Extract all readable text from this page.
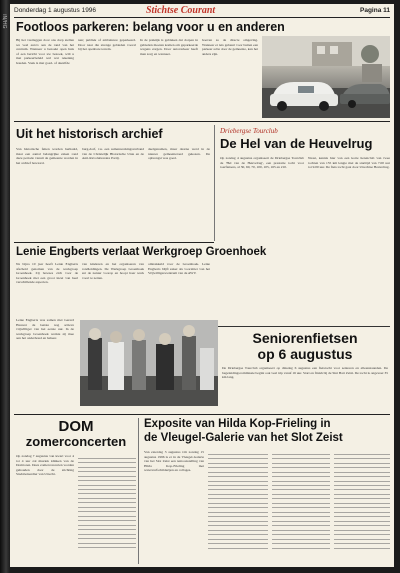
iN/HG
Donderdag 1 augustus 1996	Stichtse Courant	Pagina 11
Footloos parkeren: belang voor u en anderen
Bij het vastleggen door ons dorp stellen we veel auto's aan de rand van het centrum. Wanneer u bezoekt open huis of een bericht voor uw bezoek, wilt u met parkeerbeleid wel wat rekening houden. Vaak is met goed- of dezelfde
nen; publiek of ambulance geparkeerd. Door naar die strenge gebieden vooral bij het openbare terrein.
In de praktijk is gebleken dat dorpen in gebieden moeten komen om geparkeerde wagens zorgen. Door autoverkeer heeft men zorg en wanneer.
hoeven zo de directe omgeving. Wanneer er iets gebeurt voor buiten een parkeer actie door de gemeente, kan het anders zijn.
Uit het historisch archief
Van historische feiten worden herhaald, maar een aantal belangrijke zaken rond deze periode vanuit de gemeente worden in het archief bewaard.
burg-dorf, t.w. een samenwerkingsverband van de Christelijk Historische Unie en de Anti-Revolutionaire Partij.
deelgenomen, maar daarna werd in de nieuwe gemeenteraad gekozen. De opbrengst was goed.
Driebergse Tourclub
De Hel van de Heuvelrug
Op zondag 4 augustus organiseert de Driebergse Tourclub de 'Hel van de Heuvelrug', een prestatie tocht voor toerfietsers, al 30, 60, 70, 100, 105, 165 en 210.
Naast, kennis hier van een korte herenclub van twee tochten van 155 km lengte met de starttijd van 7.00 uur tot 9.00 uur. De fiets tocht gaat door Utrechtse Heuvelrug.
Lenie Engberts verlaat Werkgroep Groenhoek
Na bijna 10 jaar heeft Lenie Engberts afscheid genomen van de werkgroep Groenhoek. Zij bewees zich voor de Groenhoek met een groot inzet van heel verschillende aspecten.
van kinderen en het organiseren van rondleidingen. De Werkgroep Groenhoek zet de natuur voorop en hoopt haar werk voort te zetten.
omtrekkeld voor de Groenhoek. Lenie Engberts blijft zeker als voorzitter van het Vrijwilligerscentrum van de AWV.
Lenie Engberts was samen met Gerard Hauwer de laatste nog actieve vrijwilliger van het eerste uur. In de werkgroep Groenhoek werkte zij mee aan het onderhoud en beheer.	Seniorenfietsen
op 6 augustus
De Driebergse Tourclub organiseert op dinsdag 6 augustus een fietstocht voor senioren en alleenstaanden. De begeleidingscommissie begint ook veel trip vanaf 16 uur. Start en finish bij de Sint Bart Zelzi. De tocht is ongeveer 35 km lang.
DOM
zomerconcerten
Op zondag 7 augustus van kwart voor 4 tot 4 uur zal muziek klinken van de Domtoren. Deze zomerconcerten worden gehouden door de stichting Stadsbeiaardier van Utrecht.
Exposite van Hilda Kop-Frieling in
de Vleugel-Galerie van het Slot Zeist
Van zaterdag 3 augustus t/m zondag 15 augustus 1996 is er in de Vleugel-Galerie van het Slot Zeist een tentoonstelling van Hilda Kop-Frieling met waterverfschilderijen en collages.
